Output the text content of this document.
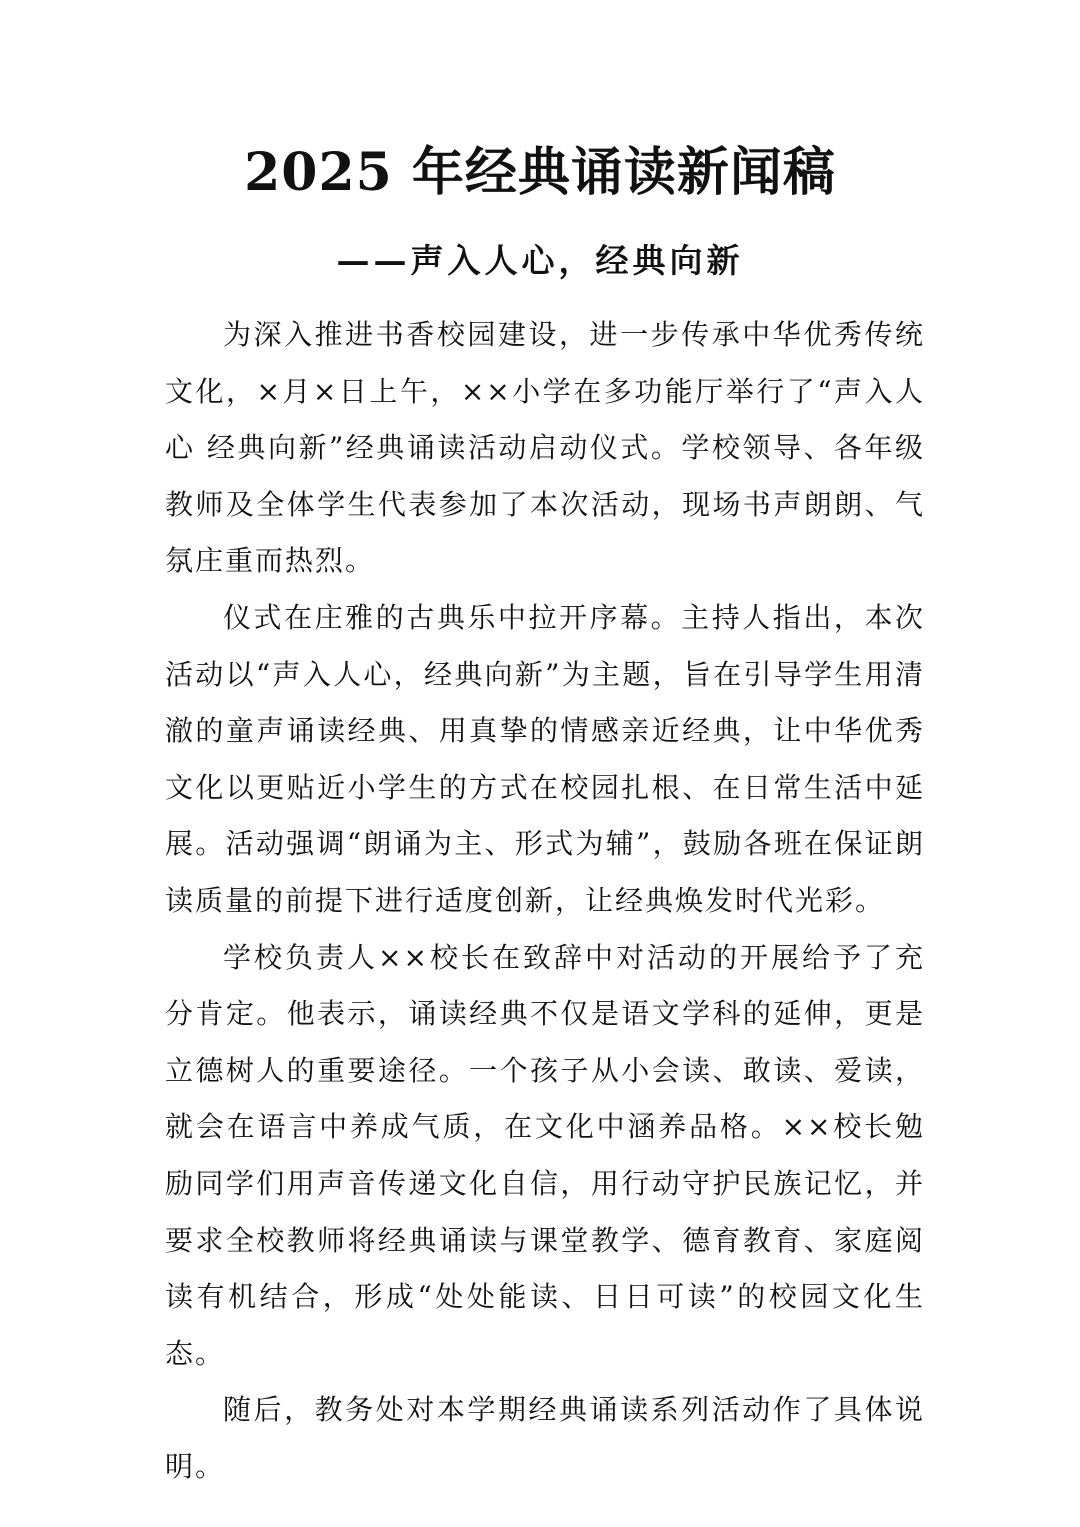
2025 年经典诵读新闻稿
——声入人心，经典向新

为深入推进书香校园建设，进一步传承中华优秀传统文化，×月×日上午，××小学在多功能厅举行了“声入人心 经典向新”经典诵读活动启动仪式。学校领导、各年级教师及全体学生代表参加了本次活动，现场书声朗朗、气氛庄重而热烈。

仪式在庄雅的古典乐中拉开序幕。主持人指出，本次活动以“声入人心，经典向新”为主题，旨在引导学生用清澈的童声诵读经典、用真挚的情感亲近经典，让中华优秀文化以更贴近小学生的方式在校园扎根、在日常生活中延展。活动强调“朗诵为主、形式为辅”，鼓励各班在保证朗读质量的前提下进行适度创新，让经典焕发时代光彩。

学校负责人××校长在致辞中对活动的开展给予了充分肯定。他表示，诵读经典不仅是语文学科的延伸，更是立德树人的重要途径。一个孩子从小会读、敢读、爱读，就会在语言中养成气质，在文化中涵养品格。××校长勉励同学们用声音传递文化自信，用行动守护民族记忆，并要求全校教师将经典诵读与课堂教学、德育教育、家庭阅读有机结合，形成“处处能读、日日可读”的校园文化生态。

随后，教务处对本学期经典诵读系列活动作了具体说明。
